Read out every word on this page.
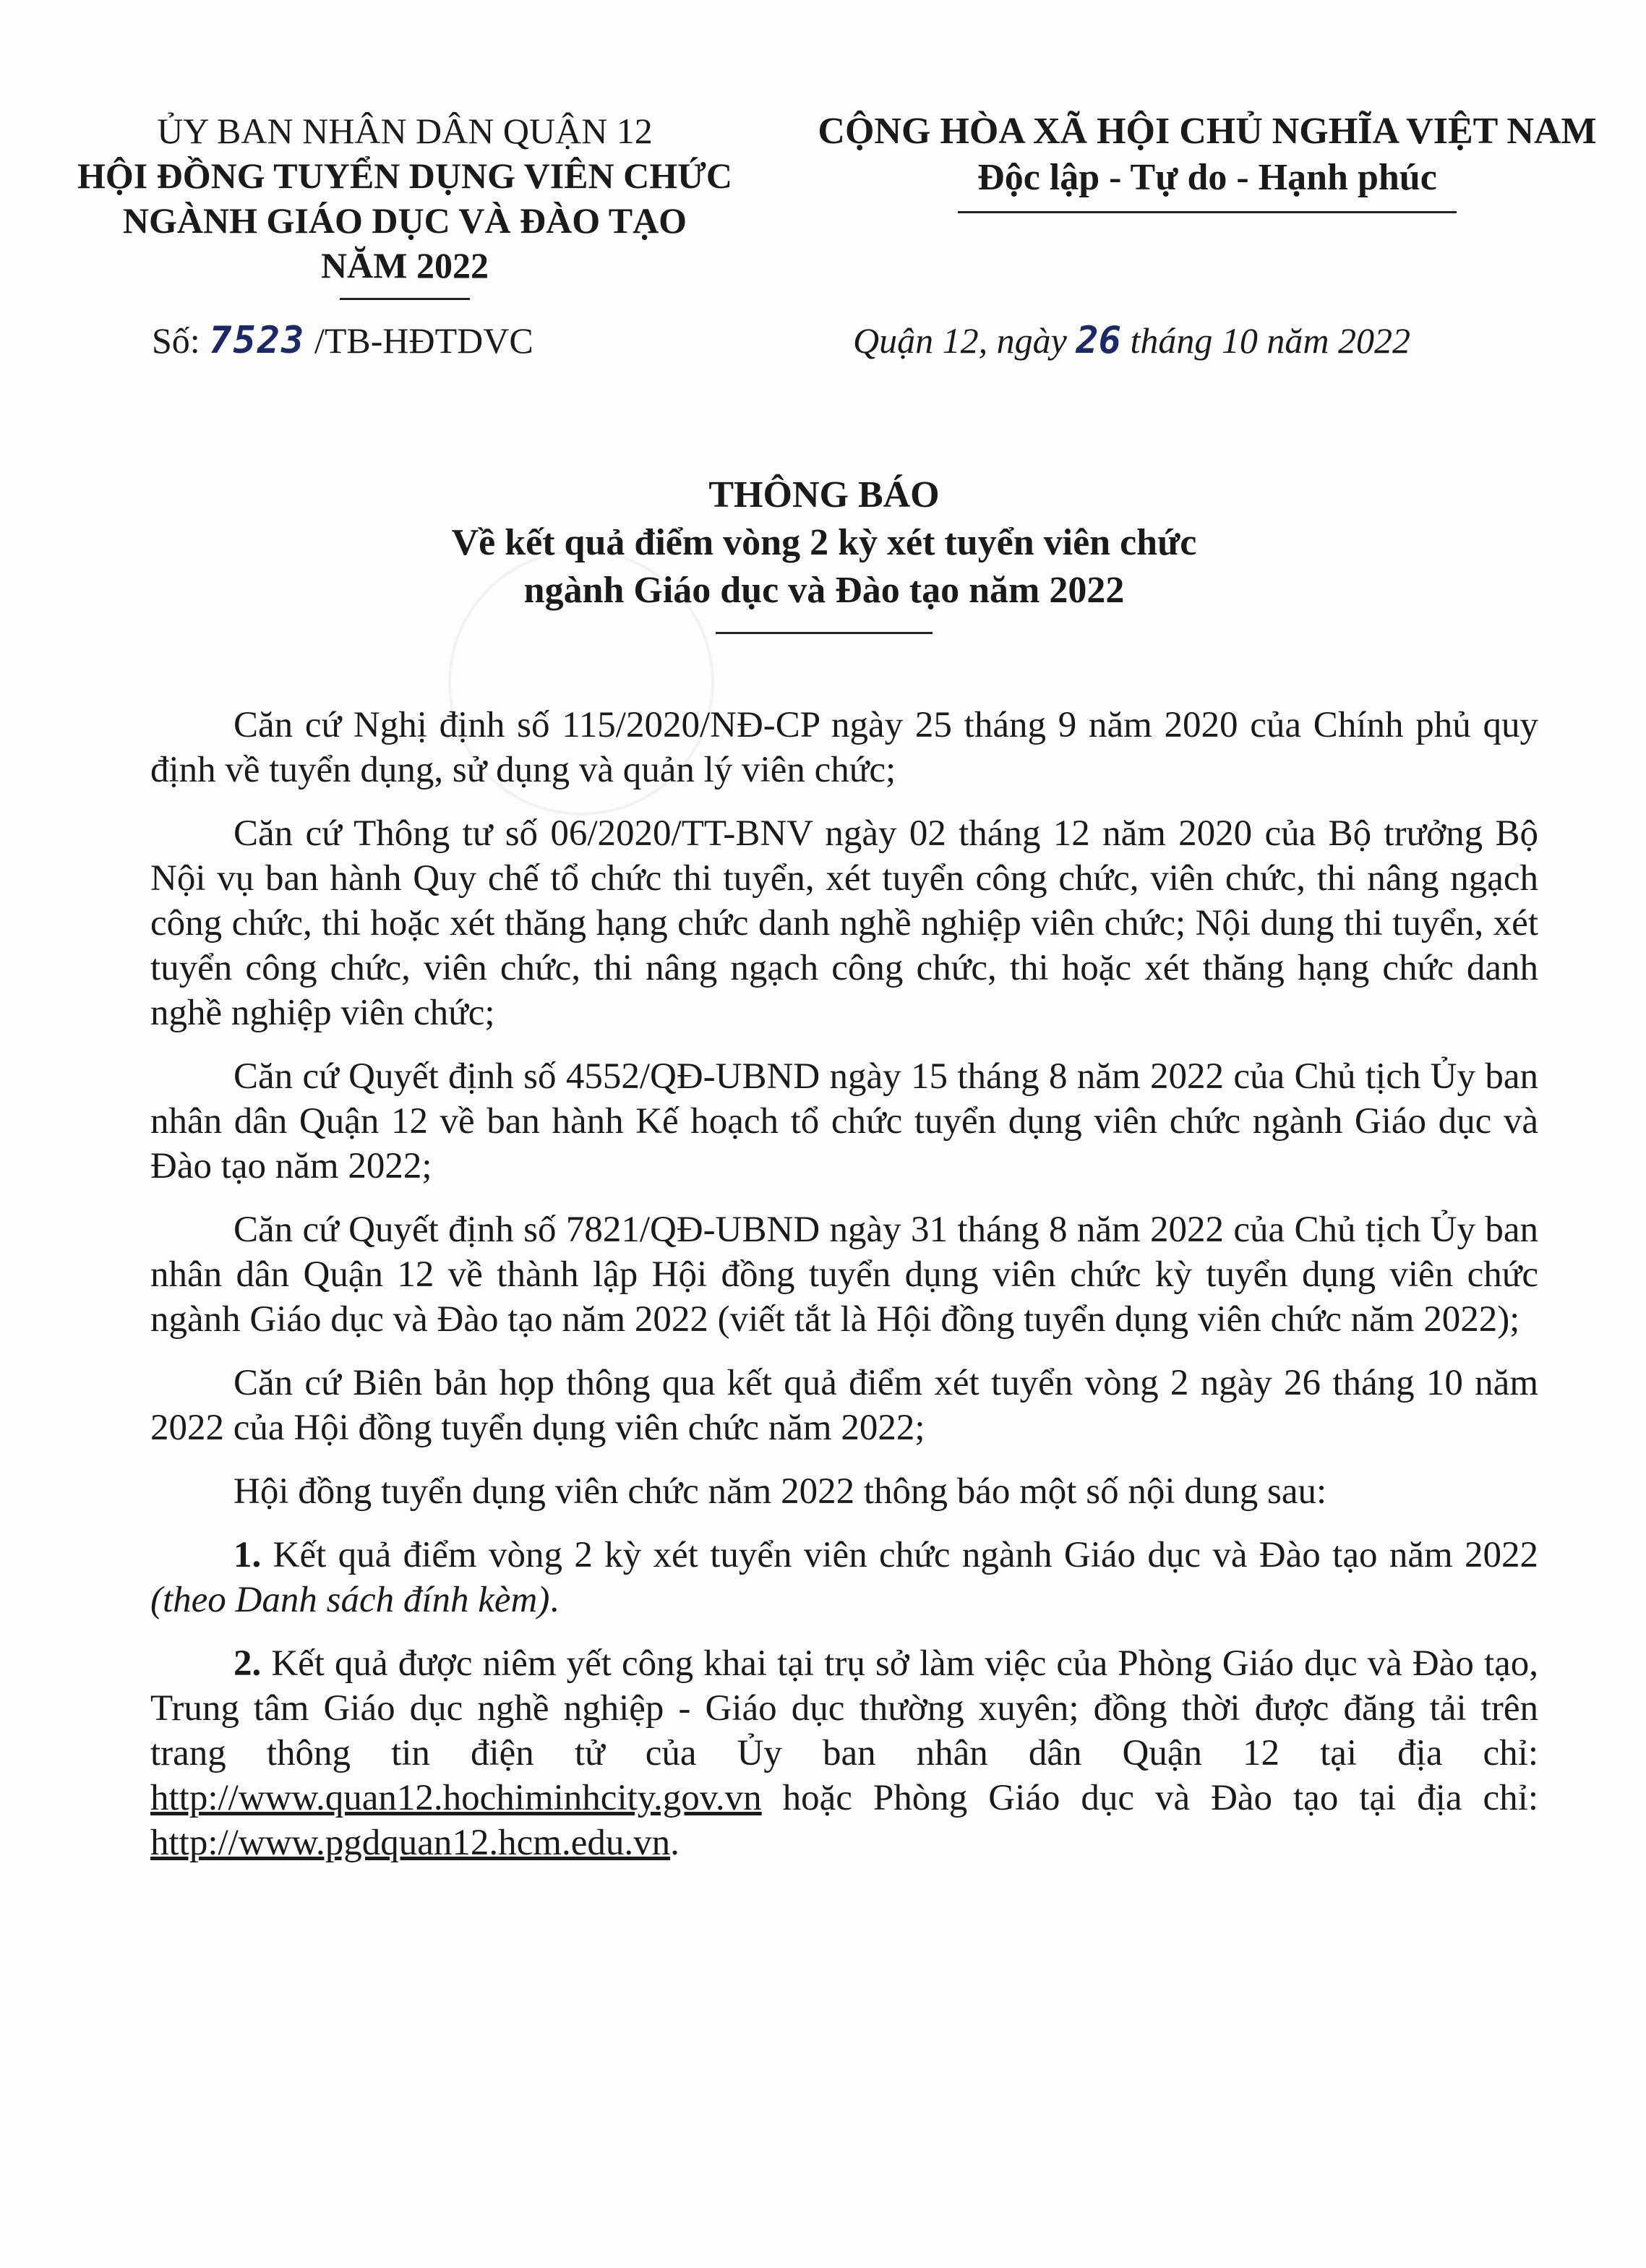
ỦY BAN NHÂN DÂN QUẬN 12
HỘI ĐỒNG TUYỂN DỤNG VIÊN CHỨC
NGÀNH GIÁO DỤC VÀ ĐÀO TẠO
NĂM 2022
CỘNG HÒA XÃ HỘI CHỦ NGHĨA VIỆT NAM
Độc lập - Tự do - Hạnh phúc
Số: 7523 /TB-HĐTDVC	Quận 12, ngày 26 tháng 10 năm 2022
THÔNG BÁO
Về kết quả điểm vòng 2 kỳ xét tuyển viên chức
ngành Giáo dục và Đào tạo năm 2022

Căn cứ Nghị định số 115/2020/NĐ-CP ngày 25 tháng 9 năm 2020 của Chính phủ quy định về tuyển dụng, sử dụng và quản lý viên chức;

Căn cứ Thông tư số 06/2020/TT-BNV ngày 02 tháng 12 năm 2020 của Bộ trưởng Bộ Nội vụ ban hành Quy chế tổ chức thi tuyển, xét tuyển công chức, viên chức, thi nâng ngạch công chức, thi hoặc xét thăng hạng chức danh nghề nghiệp viên chức; Nội dung thi tuyển, xét tuyển công chức, viên chức, thi nâng ngạch công chức, thi hoặc xét thăng hạng chức danh nghề nghiệp viên chức;

Căn cứ Quyết định số 4552/QĐ-UBND ngày 15 tháng 8 năm 2022 của Chủ tịch Ủy ban nhân dân Quận 12 về ban hành Kế hoạch tổ chức tuyển dụng viên chức ngành Giáo dục và Đào tạo năm 2022;

Căn cứ Quyết định số 7821/QĐ-UBND ngày 31 tháng 8 năm 2022 của Chủ tịch Ủy ban nhân dân Quận 12 về thành lập Hội đồng tuyển dụng viên chức kỳ tuyển dụng viên chức ngành Giáo dục và Đào tạo năm 2022 (viết tắt là Hội đồng tuyển dụng viên chức năm 2022);

Căn cứ Biên bản họp thông qua kết quả điểm xét tuyển vòng 2 ngày 26 tháng 10 năm 2022 của Hội đồng tuyển dụng viên chức năm 2022;

Hội đồng tuyển dụng viên chức năm 2022 thông báo một số nội dung sau:

1. Kết quả điểm vòng 2 kỳ xét tuyển viên chức ngành Giáo dục và Đào tạo năm 2022 (theo Danh sách đính kèm).

2. Kết quả được niêm yết công khai tại trụ sở làm việc của Phòng Giáo dục và Đào tạo, Trung tâm Giáo dục nghề nghiệp - Giáo dục thường xuyên; đồng thời được đăng tải trên trang thông tin điện tử của Ủy ban nhân dân Quận 12 tại địa chỉ: http://www.quan12.hochiminhcity.gov.vn hoặc Phòng Giáo dục và Đào tạo tại địa chỉ: http://www.pgdquan12.hcm.edu.vn.
